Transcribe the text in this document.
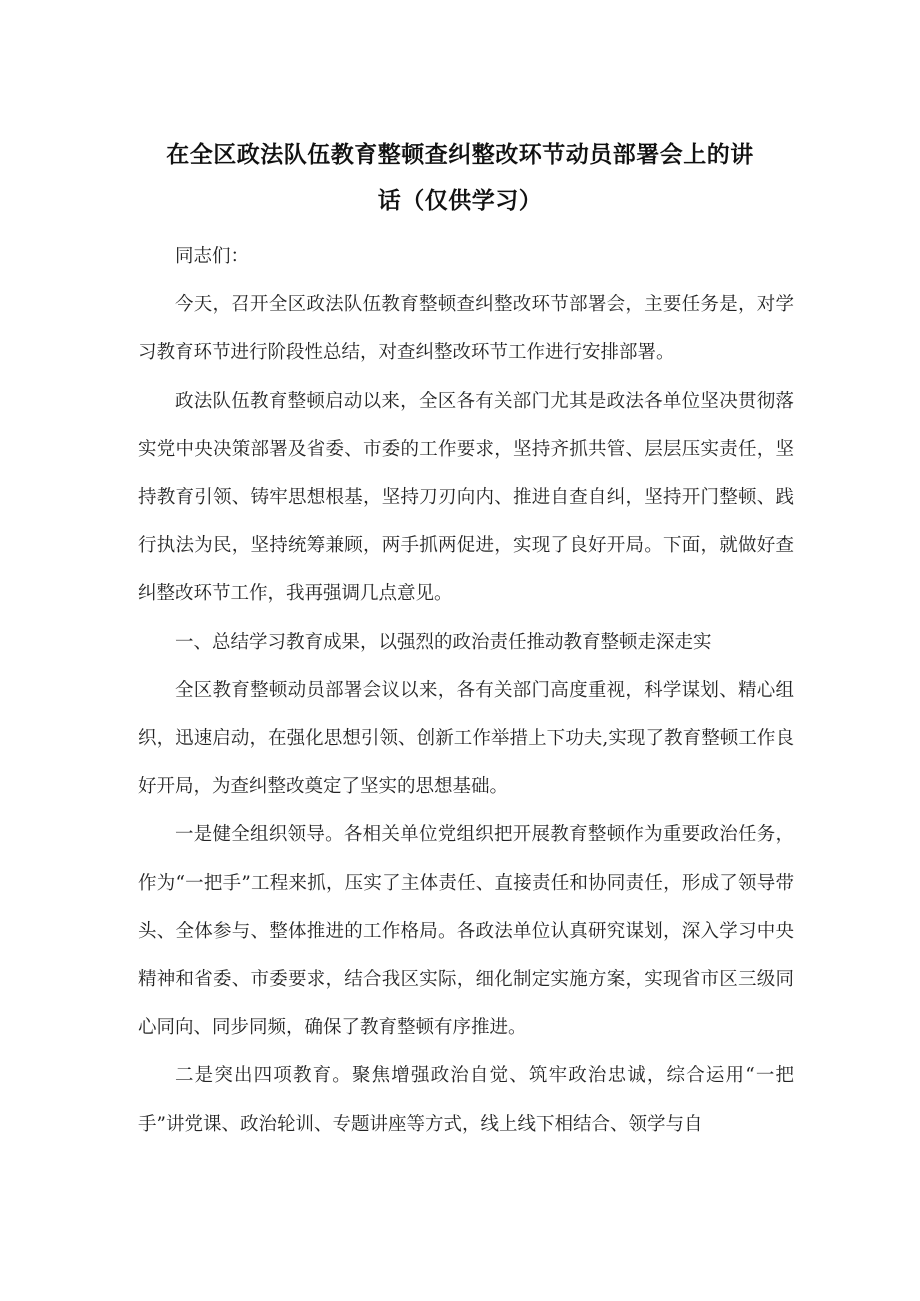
在全区政法队伍教育整顿查纠整改环节动员部署会上的讲
话（仅供学习）

同志们：

今天，召开全区政法队伍教育整顿查纠整改环节部署会，主要任务是，对学习教育环节进行阶段性总结，对查纠整改环节工作进行安排部署。

政法队伍教育整顿启动以来，全区各有关部门尤其是政法各单位坚决贯彻落实党中央决策部署及省委、市委的工作要求，坚持齐抓共管、层层压实责任，坚持教育引领、铸牢思想根基，坚持刀刃向内、推进自查自纠，坚持开门整顿、践行执法为民，坚持统筹兼顾，两手抓两促进，实现了良好开局。下面，就做好查纠整改环节工作，我再强调几点意见。

一、总结学习教育成果，以强烈的政治责任推动教育整顿走深走实

全区教育整顿动员部署会议以来，各有关部门高度重视，科学谋划、精心组织，迅速启动，在强化思想引领、创新工作举措上下功夫,实现了教育整顿工作良好开局，为查纠整改奠定了坚实的思想基础。

一是健全组织领导。各相关单位党组织把开展教育整顿作为重要政治任务，作为“一把手”工程来抓，压实了主体责任、直接责任和协同责任，形成了领导带头、全体参与、整体推进的工作格局。各政法单位认真研究谋划，深入学习中央精神和省委、市委要求，结合我区实际，细化制定实施方案，实现省市区三级同心同向、同步同频，确保了教育整顿有序推进。

二是突出四项教育。聚焦增强政治自觉、筑牢政治忠诚，综合运用“一把手”讲党课、政治轮训、专题讲座等方式，线上线下相结合、领学与自
